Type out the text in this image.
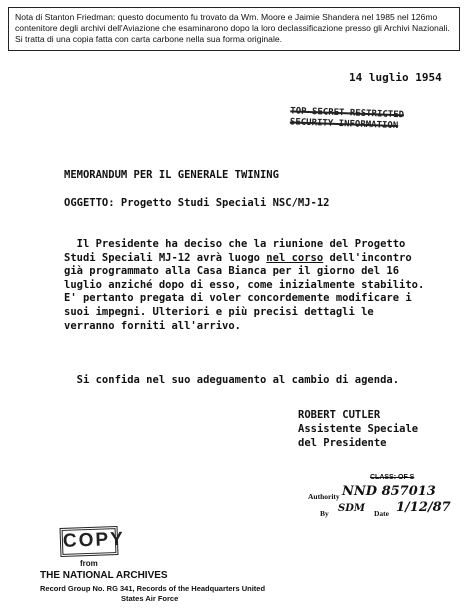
Nota di Stanton Friedman: questo documento fu trovato da Wm. Moore e Jaimie Shandera nel 1985 nel 126mo contenitore degli archivi dell'Aviazione che esaminarono dopo la loro declassificazione presso gli Archivi Nazionali. Si tratta di una copia fatta con carta carbone nella sua forma originale.
14 luglio 1954
TOP SECRET RESTRICTED
SECURITY INFORMATION
MEMORANDUM PER IL GENERALE TWINING
OGGETTO: Progetto Studi Speciali NSC/MJ-12
Il Presidente ha deciso che la riunione del Progetto
Studi Speciali MJ-12 avrà luogo nel corso dell'incontro
già programmato alla Casa Bianca per il giorno del 16
luglio anziché dopo di esso, come inizialmente stabilito.
E' pertanto pregata di voler concordemente modificare i
suoi impegni. Ulteriori e più precisi dettagli le
verranno forniti all'arrivo.
Si confida nel suo adeguamento al cambio di agenda.
ROBERT CUTLER
Assistente Speciale
del Presidente
CLASS: OF S
Authority NND 857013
By SDM Date 1/12/87
COPY
from
THE NATIONAL ARCHIVES
Record Group No. RG 341, Records of the Headquarters United
States Air Force
